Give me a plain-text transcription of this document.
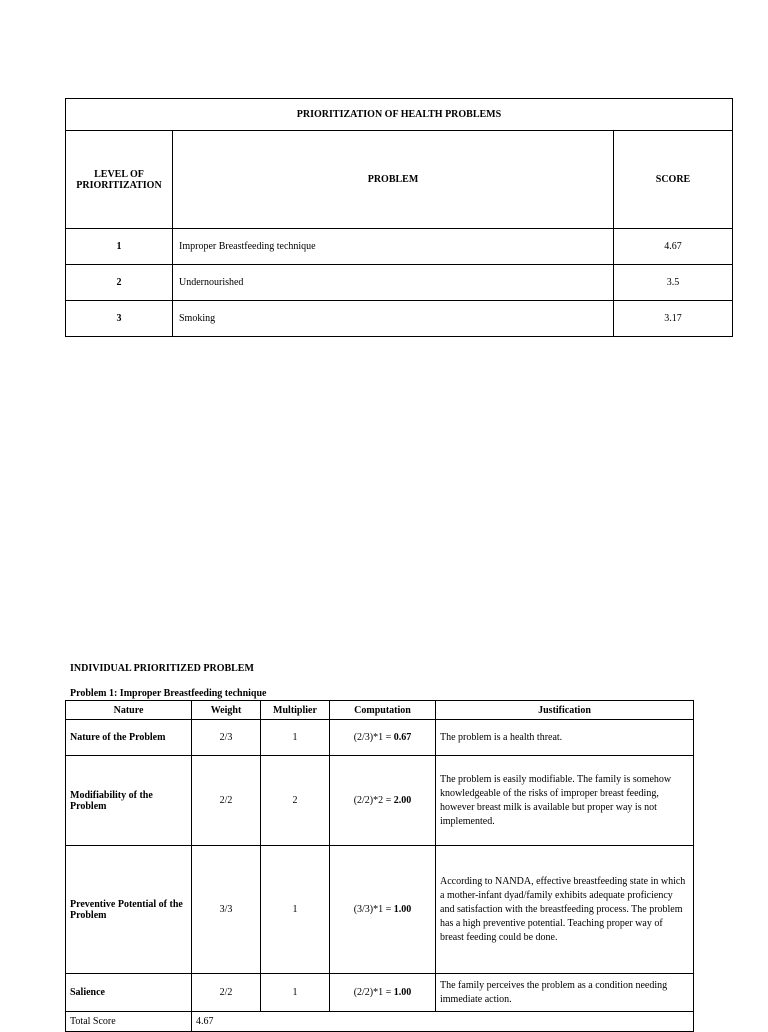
PRIORITIZATION OF HEALTH PROBLEMS		
LEVEL OF PRIORITIZATION	PROBLEM	SCORE
1	Improper Breastfeeding technique	4.67
2	Undernourished	3.5
3	Smoking	3.17
INDIVIDUAL PRIORITIZED PROBLEM
Problem 1: Improper Breastfeeding technique
Nature	Weight	Multiplier	Computation	Justification
Nature of the Problem	2/3	1	(2/3)*1 = 0.67	The problem is a health threat.
Modifiability of the Problem	2/2	2	(2/2)*2 = 2.00	The problem is easily modifiable. The family is somehow knowledgeable of the risks of improper breast feeding, however breast milk is available but proper way is not implemented.
Preventive Potential of the Problem	3/3	1	(3/3)*1 = 1.00	According to NANDA, effective breastfeeding state in which a mother-infant dyad/family exhibits adequate proficiency and satisfaction with the breastfeeding process. The problem has a high preventive potential. Teaching proper way of breast feeding could be done.
Salience	2/2	1	(2/2)*1 = 1.00	The family perceives the problem as a condition needing immediate action.
Total Score	4.67			
